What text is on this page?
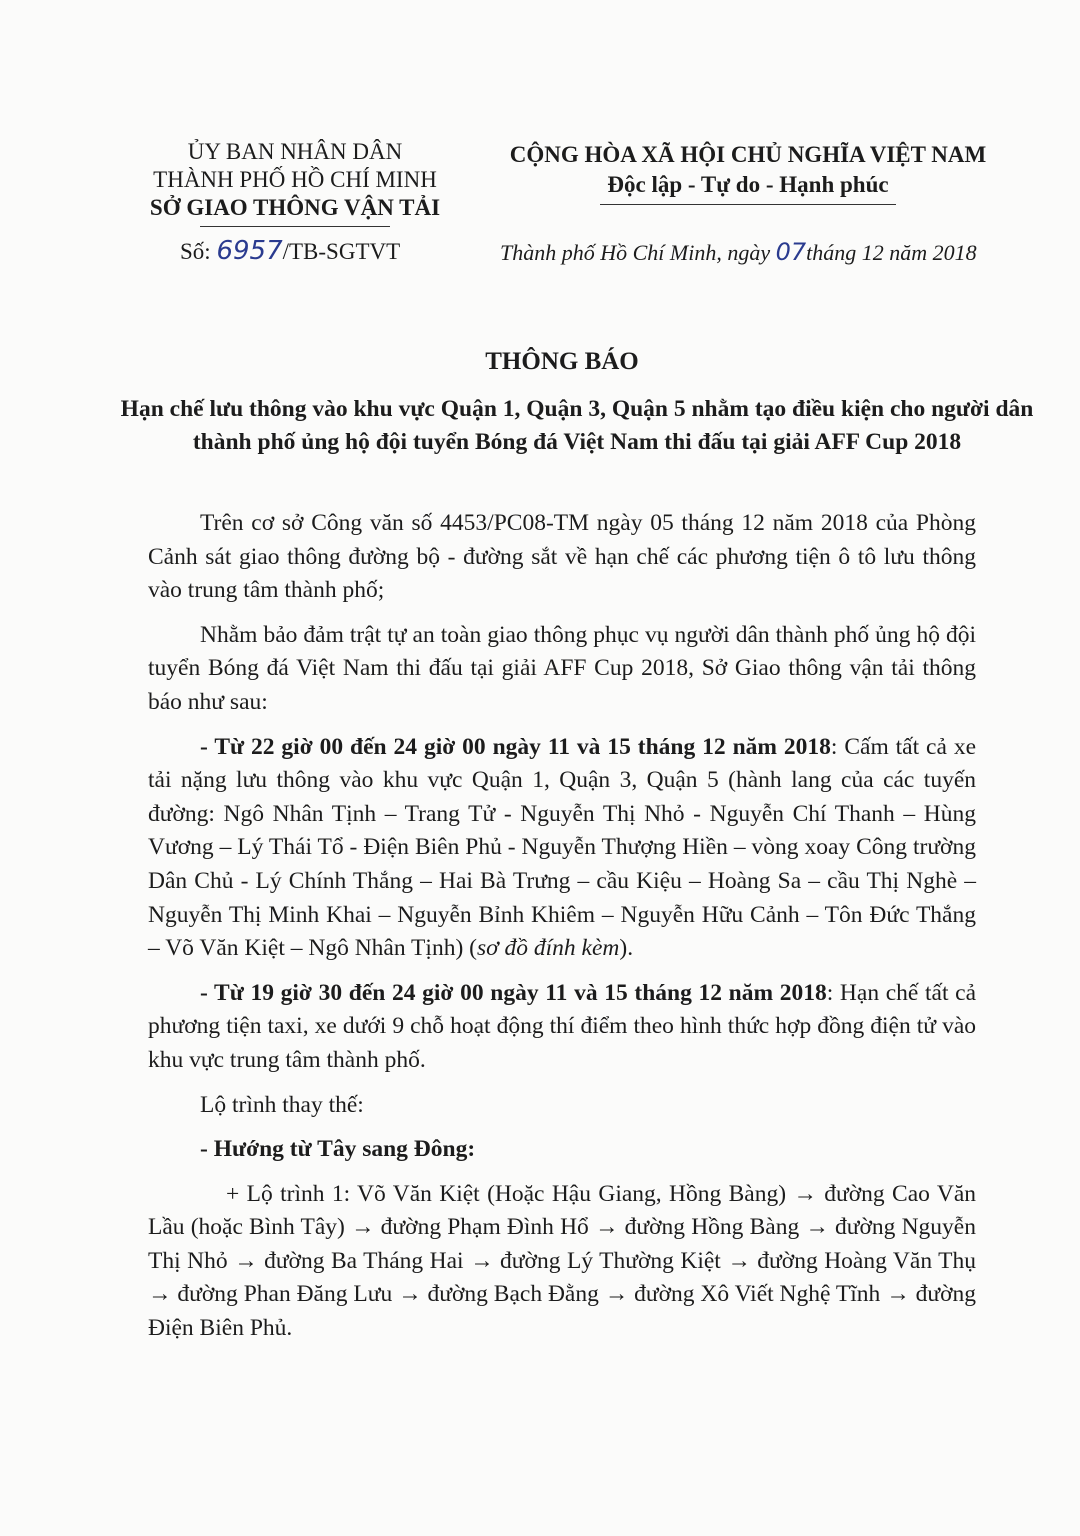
ỦY BAN NHÂN DÂN
THÀNH PHỐ HỒ CHÍ MINH
SỞ GIAO THÔNG VẬN TẢI
CỘNG HÒA XÃ HỘI CHỦ NGHĨA VIỆT NAM
Độc lập - Tự do - Hạnh phúc
Số: 6957/TB-SGTVT	Thành phố Hồ Chí Minh, ngày 07tháng 12 năm 2018
THÔNG BÁO
Hạn chế lưu thông vào khu vực Quận 1, Quận 3, Quận 5 nhằm tạo điều kiện cho người dân thành phố ủng hộ đội tuyển Bóng đá Việt Nam thi đấu tại giải AFF Cup 2018

Trên cơ sở Công văn số 4453/PC08-TM ngày 05 tháng 12 năm 2018 của Phòng Cảnh sát giao thông đường bộ - đường sắt về hạn chế các phương tiện ô tô lưu thông vào trung tâm thành phố;

Nhằm bảo đảm trật tự an toàn giao thông phục vụ người dân thành phố ủng hộ đội tuyển Bóng đá Việt Nam thi đấu tại giải AFF Cup 2018, Sở Giao thông vận tải thông báo như sau:

- Từ 22 giờ 00 đến 24 giờ 00 ngày 11 và 15 tháng 12 năm 2018: Cấm tất cả xe tải nặng lưu thông vào khu vực Quận 1, Quận 3, Quận 5 (hành lang của các tuyến đường: Ngô Nhân Tịnh – Trang Tử - Nguyễn Thị Nhỏ - Nguyễn Chí Thanh – Hùng Vương – Lý Thái Tổ - Điện Biên Phủ - Nguyễn Thượng Hiền – vòng xoay Công trường Dân Chủ - Lý Chính Thắng – Hai Bà Trưng – cầu Kiệu – Hoàng Sa – cầu Thị Nghè – Nguyễn Thị Minh Khai – Nguyễn Bỉnh Khiêm – Nguyễn Hữu Cảnh – Tôn Đức Thắng – Võ Văn Kiệt – Ngô Nhân Tịnh) (sơ đồ đính kèm).

- Từ 19 giờ 30 đến 24 giờ 00 ngày 11 và 15 tháng 12 năm 2018: Hạn chế tất cả phương tiện taxi, xe dưới 9 chỗ hoạt động thí điểm theo hình thức hợp đồng điện tử vào khu vực trung tâm thành phố.

Lộ trình thay thế:

- Hướng từ Tây sang Đông:

+ Lộ trình 1: Võ Văn Kiệt (Hoặc Hậu Giang, Hồng Bàng) → đường Cao Văn Lầu (hoặc Bình Tây) → đường Phạm Đình Hổ → đường Hồng Bàng → đường Nguyễn Thị Nhỏ → đường Ba Tháng Hai → đường Lý Thường Kiệt → đường Hoàng Văn Thụ → đường Phan Đăng Lưu → đường Bạch Đằng → đường Xô Viết Nghệ Tĩnh → đường Điện Biên Phủ.
